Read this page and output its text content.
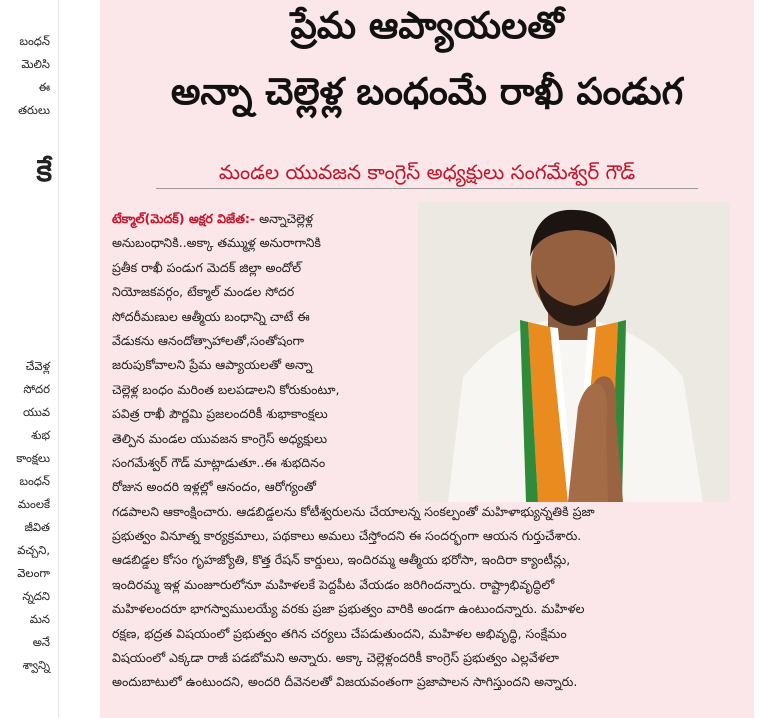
బంధన్
మెలిసి
ఈ
తరులు
కే
చేవెళ్ల
సోదర
యువ
శుభ
కాంక్షలు
బంధన్
మంలకే
జీవిత
వచ్చని,
వెలంగా
న్నదని
మన
అనే
శ్వాన్ని
ప్రేమ ఆప్యాయలతో
అన్నా చెల్లెళ్ల బంధంమే రాఖీ పండుగ
మండల యువజన కాంగ్రెస్ అధ్యక్షులు సంగమేశ్వర్ గౌడ్
టేక్మాల్(మెదక్) అక్షర విజేత:- అన్నాచెల్లెళ్ల
అనుబంధానికి..అక్కా తమ్ముళ్ల అనురాగానికి
ప్రతీక రాఖీ పండుగ మెదక్ జిల్లా అందోల్
నియోజకవర్గం, టేక్మాల్ మండల సోదర
సోదరీమణుల ఆత్మీయ బంధాన్ని చాటే ఈ
వేడుకను ఆనందోత్సాహాలతో,సంతోషంగా
జరుపుకోవాలని ప్రేమ ఆప్యాయలతో అన్నా
చెల్లెళ్ల బంధం మరింత బలపడాలని కోరుకుంటూ,
పవిత్ర రాఖీ పౌర్ణమి ప్రజలందరికీ శుభాకాంక్షలు
తెల్పిన మండల యువజన కాంగ్రెస్ అధ్యక్షులు
సంగమేశ్వర్ గౌడ్ మాట్లాడుతూ..ఈ శుభదినం
రోజున అందరి ఇళ్లల్లో ఆనందం, ఆరోగ్యంతో
గడపాలని ఆకాంక్షించారు. ఆడబిడ్డలను కోటీశ్వరులను చేయాలన్న సంకల్పంతో మహిళాభ్యున్నతికి ప్రజా
ప్రభుత్వం వినూత్న కార్యక్రమాలు, పథకాలు అమలు చేస్తోందని ఈ సందర్భంగా ఆయన గుర్తుచేశారు.
ఆడబిడ్డల కోసం గృహజ్యోతి, కొత్త రేషన్ కార్డులు, ఇందిరమ్మ ఆత్మీయ భరోసా, ఇందిరా క్యాంటీన్లు,
ఇందిరమ్మ ఇళ్ల మంజూరులోనూ మహిళలకే పెద్దపీట వేయడం జరిగిందన్నారు. రాష్ట్రాభివృద్ధిలో
మహిళలందరూ భాగస్వాములయ్యే వరకు ప్రజా ప్రభుత్వం వారికి అండగా ఉంటుందన్నారు. మహిళల
రక్షణ, భద్రత విషయంలో ప్రభుత్వం తగిన చర్యలు చేపడుతుందని, మహిళల అభివృద్ధి, సంక్షేమం
విషయంలో ఎక్కడా రాజీ పడబోమని అన్నారు. అక్కా చెల్లెళ్లందరికీ కాంగ్రెస్ ప్రభుత్వం ఎల్లవేళలా
అందుబాటులో ఉంటుందని, అందరి దీవెనలతో విజయవంతంగా ప్రజాపాలన సాగిస్తుందని అన్నారు.
